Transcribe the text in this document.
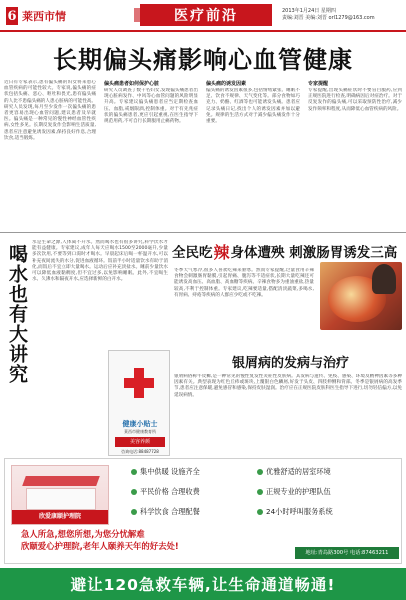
6 莱西市情	医疗前沿	2013年1月24日 星期四
责编:刘晋 美编:刘晋 orl1279@163.com
长期偏头痛影响心血管健康
近日有专家表示,患有偏头痛的妇女将来患心血管疾病的可能性较大。专家说,偏头痛的症状包括头痛、恶心、呕吐和畏光,患有偏头痛的人比不患偏头痛的人患心脏病的可能性高。研究人员发现,每月至少发作一次偏头痛的患者更容易出现心血管问题,建议患者及早就医。偏头痛是一种常见的慢性神经血管性疾病,女性多见。长期反复发作会影响生活质量,患者应注意避免诱发因素,保持良好作息,合理饮食,适当锻炼。
偏头痛患者如何保护心脏
研究人员调查了数千名妇女,发现偏头痛患者出现心脏病发作、中风等心血管问题的风险明显升高。专家建议偏头痛患者应当定期检查血压、血脂,戒烟限酒,控制体重。对于有先兆症状的偏头痛患者,更应引起重视,在医生指导下规范用药,不可自行长期服用止痛药物。
偏头痛的诱发因素
偏头痛的诱发因素很多,包括情绪紧张、睡眠不足、饮食不规律、天气变化等。部分食物如巧克力、奶酪、红酒等也可能诱发头痛。患者应记录头痛日记,找出个人的诱发因素并加以避免。规律的生活方式对于减少偏头痛发作十分重要。
专家提醒
专家提醒,出现头痛症状时不要盲目服药,应到正规医院进行检查,明确病因后对症治疗。对于反复发作的偏头痛,可以采取预防性治疗,减少发作频率和程度,从而降低心血管疾病的风险。
喝水也有大讲究
水是生命之源,人体离不开水。然而喝水也有很多讲究,科学饮水才能有益健康。专家建议,成年人每天应喝水1500至2000毫升,少量多次饮用,不要等到口渴时才喝水。早晨起床后喝一杯温开水,可以补充夜间流失的水分,促进血液循环。饭前半小时适量饮水有助于消化,而饭后不宜立即大量喝水。运动后应补充淡盐水。睡前少量饮水可以降低血液黏稠度,但不宜过多,以免影响睡眠。此外,不宜喝生水、久沸水和隔夜开水,应选择新鲜的白开水。
全民吃 辣 身体遭殃 刺激肠胃诱发三高
冬季天气寒冷,很多人喜欢吃辣来驱寒。然而专家提醒,过量食用辛辣食物会刺激肠胃黏膜,引起胃痛、腹泻等不适症状,长期大量吃辣还可能诱发高血压、高血脂、高血糖等疾病。辛辣食物多为重油重盐,热量较高,不利于控制体重。专家建议,吃辣要适量,搭配清淡蔬菜,多喝水,有胃病、痔疮等疾病的人群应少吃或不吃辣。
健康小贴士
莱西市健康教育所
美容养颜
咨询电话:88487728
银屑病的发病与治疗
银屑病俗称牛皮癣,是一种常见的慢性复发性炎症性皮肤病。其发病与遗传、免疫、感染、环境及精神因素等多种因素有关。典型表现为红色丘疹或斑块,上覆银白色鳞屑,好发于头皮、四肢伸侧和背部。冬季是银屑病的高发季节,患者应注意保暖,避免感冒和感染,保持皮肤湿润。治疗应在正规医院皮肤科医生指导下进行,切勿轻信偏方,以免延误病情。
欣爱康颐护理院
集中供暖 设施齐全	优雅舒适的居室环境
平民价格 合理收费	正规专业的护理队伍
科学饮食 合理配餐	24小时呼叫服务系统
急人所急,想您所想,为您分忧解难
欣颐爱心护理院,老年人颐养天年的好去处!
地址:青岛路300号 电话:87463211
避让120急救车辆,让生命通道畅通!
